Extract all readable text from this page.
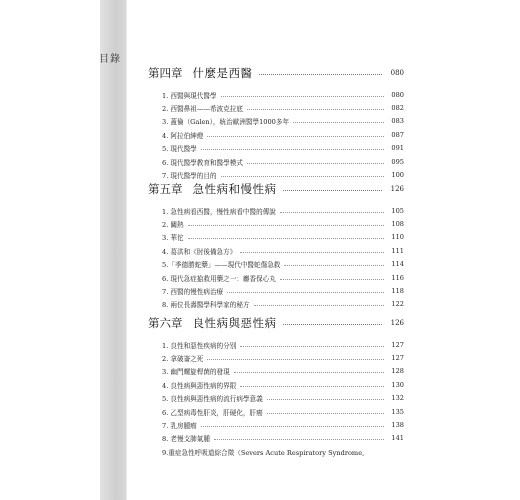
目錄
第四章 什麼是西醫	080
1. 西醫與現代醫學	080
2. 西醫鼻祖——希波克拉底	082
3. 蓋倫（Galen），統治歐洲醫學1000多年	083
4. 阿拉伯紳燈	087
5. 現代醫學	091
6. 現代醫學教育和醫學模式	095
7. 現代醫學的目的	100
第五章 急性病和慢性病	126
1. 急性病看西醫，慢性病看中醫的傳說	105
2. 關熱	108
3. 華佗	110
4. 葛洪和《肘後備急方》	111
5.「季德勝蛇藥」——現代中醫蛇傷急救	114
6. 現代急症搶救用藥之一：麝香保心丸	116
7. 西醫的慢性病治療	118
8. 兩位長壽醫學科學家的秘方	122
第六章 良性病與惡性病	126
1. 良性和惡性疾病的分別	127
2. 拿破崙之死	127
3. 幽門螺旋桿菌的發現	128
4. 良性病與惡性病的界限	130
5. 良性病與惡性病的流行病學意義	132
6. 乙型病毒性肝炎，肝硬化，肝癌	135
7. 乳房腫瘤	138
8. 老慢支肺氣腫	141
9.重症急性呼吸道綜合徵（Severs Acute Respiratory Syndrome,
